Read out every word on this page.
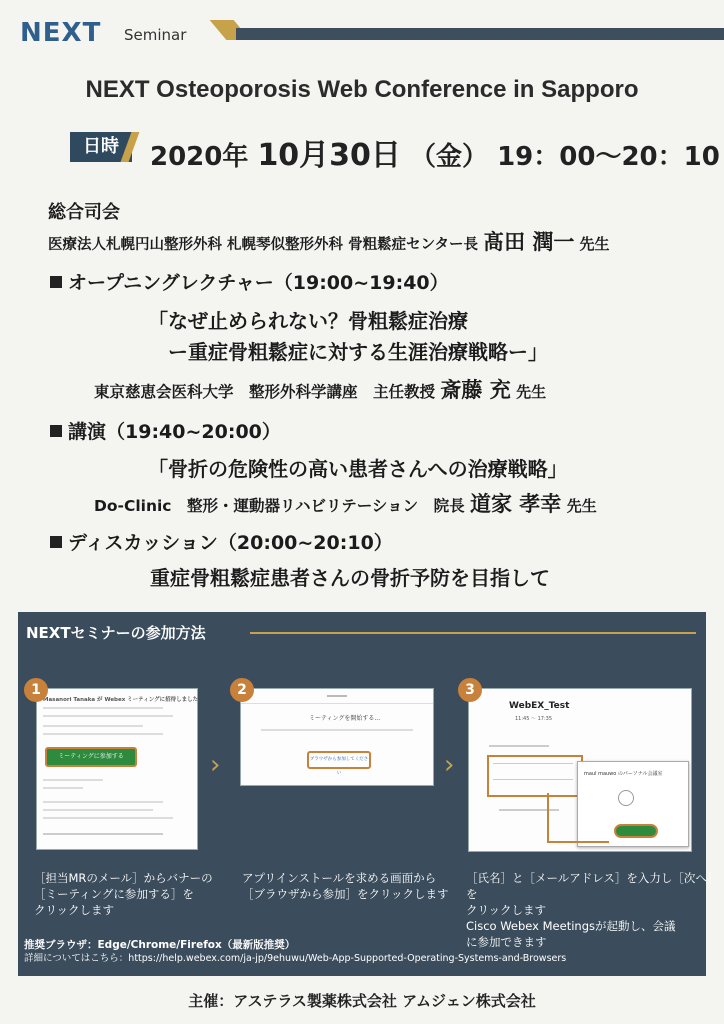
NEXT Seminar
NEXT Osteoporosis Web Conference in Sapporo
日時	2020年 10月30日 （金） 19：00～20：10
総合司会
医療法人札幌円山整形外科 札幌琴似整形外科 骨粗鬆症センター長 髙田 潤一 先生
オープニングレクチャー（19:00~19:40）
「なぜ止められない？骨粗鬆症治療
ー重症骨粗鬆症に対する生涯治療戦略ー」
東京慈恵会医科大学　整形外科学講座　主任教授 斎藤 充 先生
講演（19:40~20:00）
「骨折の危険性の高い患者さんへの治療戦略」
Do-Clinic　整形・運動器リハビリテーション　院長 道家 孝幸 先生
ディスカッション（20:00~20:10）
重症骨粗鬆症患者さんの骨折予防を目指して
NEXTセミナーの参加方法
Masanori Tanaka が Webex ミーティングに招待しました。
ミーティングに参加する
1
›
ミーティングを開始する...
ブラウザから参加してください
2
›
WebEX_Test
11:45 ～ 17:35
maul mauwo のパーソナル会議室
3
［担当MRのメール］からバナーの
［ミーティングに参加する］を
クリックします
アプリインストールを求める画面から
［ブラウザから参加］をクリックします
［氏名］と［メールアドレス］を入力し［次へ］を
クリックします
Cisco Webex Meetingsが起動し、会議
に参加できます
推奨ブラウザ：Edge/Chrome/Firefox（最新版推奨）
詳細についてはこちら：https://help.webex.com/ja-jp/9ehuwu/Web-App-Supported-Operating-Systems-and-Browsers
主催：アステラス製薬株式会社 アムジェン株式会社
